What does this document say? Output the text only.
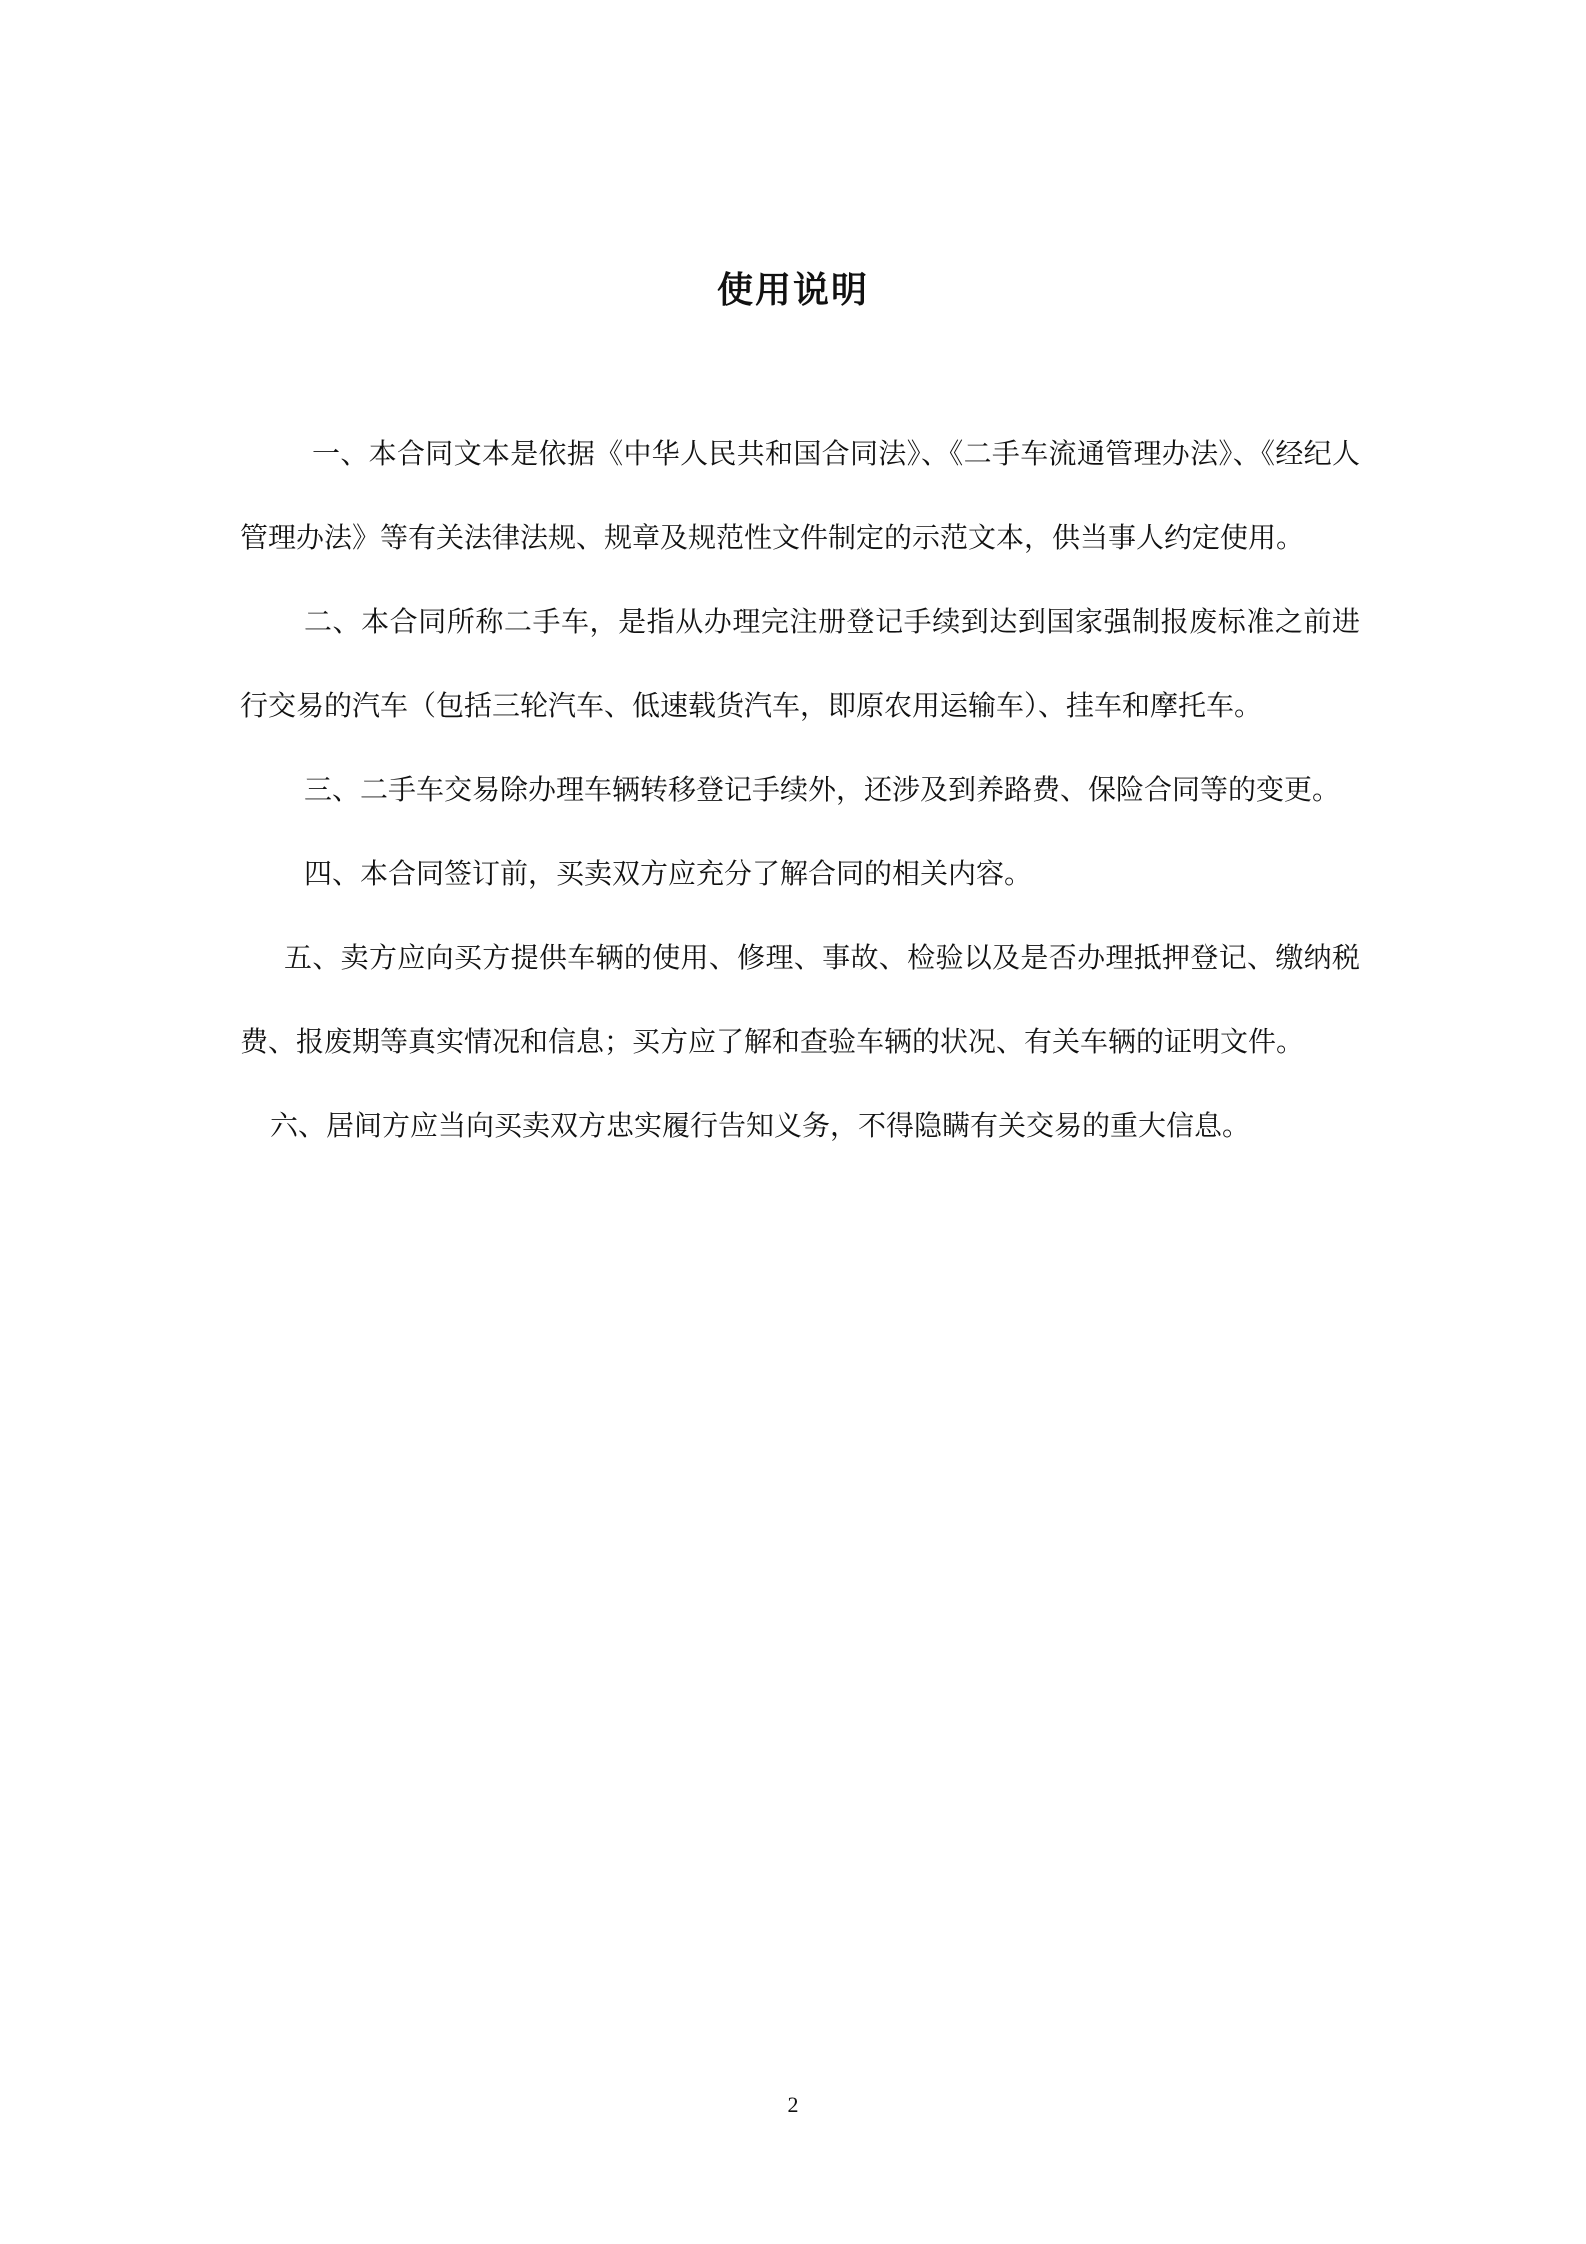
使用说明

一、本合同文本是依据《中华人民共和国合同法》、《二手车流通管理办法》、《经纪人管理办法》等有关法律法规、规章及规范性文件制定的示范文本，供当事人约定使用。

二、本合同所称二手车，是指从办理完注册登记手续到达到国家强制报废标准之前进行交易的汽车（包括三轮汽车、低速载货汽车，即原农用运输车）、挂车和摩托车。

三、二手车交易除办理车辆转移登记手续外，还涉及到养路费、保险合同等的变更。

四、本合同签订前，买卖双方应充分了解合同的相关内容。

五、卖方应向买方提供车辆的使用、修理、事故、检验以及是否办理抵押登记、缴纳税费、报废期等真实情况和信息；买方应了解和查验车辆的状况、有关车辆的证明文件。

六、居间方应当向买卖双方忠实履行告知义务，不得隐瞒有关交易的重大信息。

2
